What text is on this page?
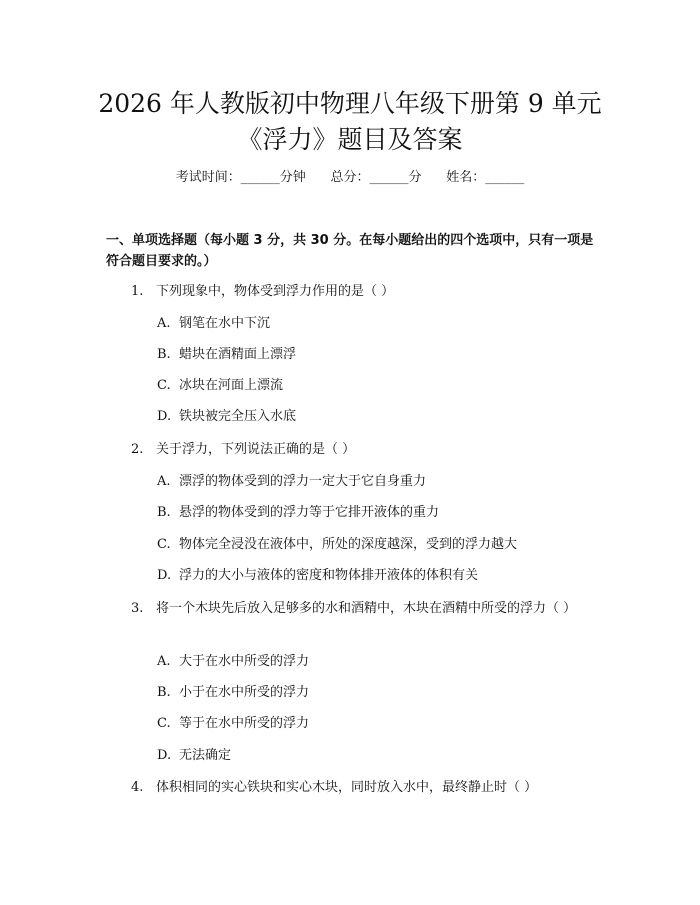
2026 年人教版初中物理八年级下册第 9 单元
《浮力》题目及答案
考试时间：______分钟      总分：______分      姓名：______
一、单项选择题（每小题 3 分，共 30 分。在每小题给出的四个选项中，只有一项是符合题目要求的。）
1. 下列现象中，物体受到浮力作用的是（ ）
A. 钢笔在水中下沉
B. 蜡块在酒精面上漂浮
C. 冰块在河面上漂流
D. 铁块被完全压入水底
2. 关于浮力，下列说法正确的是（ ）
A. 漂浮的物体受到的浮力一定大于它自身重力
B. 悬浮的物体受到的浮力等于它排开液体的重力
C. 物体完全浸没在液体中，所处的深度越深，受到的浮力越大
D. 浮力的大小与液体的密度和物体排开液体的体积有关
3. 将一个木块先后放入足够多的水和酒精中，木块在酒精中所受的浮力（ ）
A. 大于在水中所受的浮力
B. 小于在水中所受的浮力
C. 等于在水中所受的浮力
D. 无法确定
4. 体积相同的实心铁块和实心木块，同时放入水中，最终静止时（ ）
